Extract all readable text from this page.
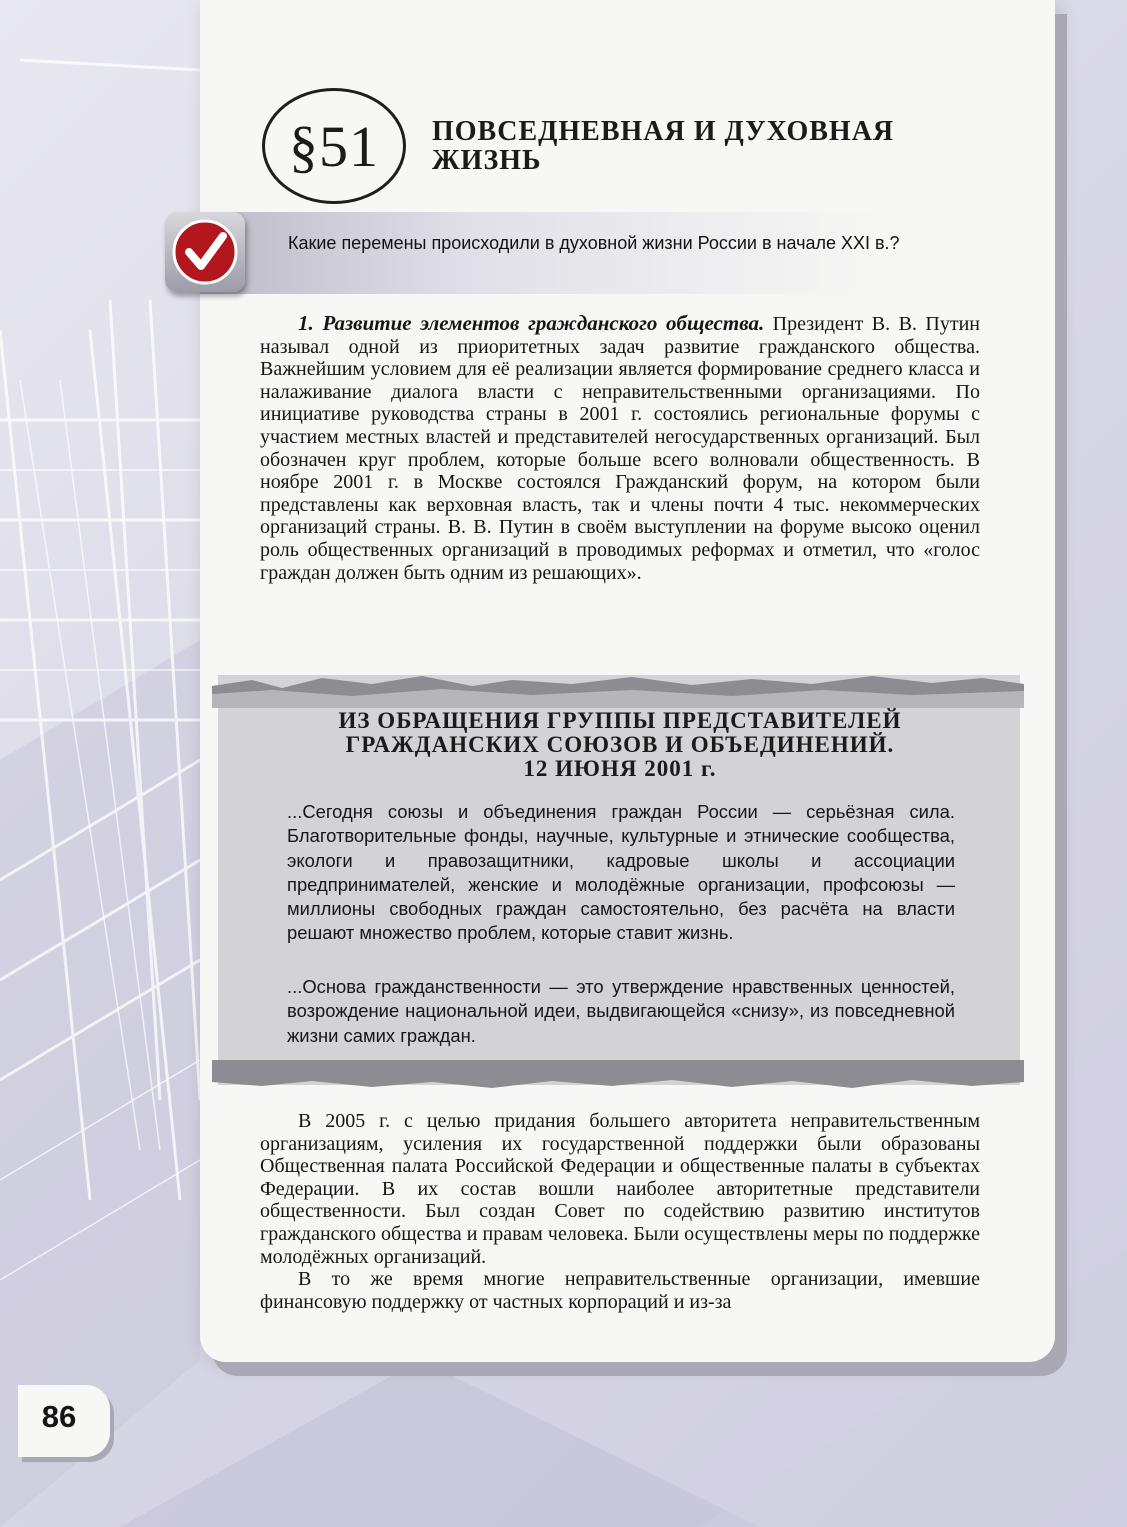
§51 ПОВСЕДНЕВНАЯ И ДУХОВНАЯ ЖИЗНЬ

Какие перемены происходили в духовной жизни России в начале XXI в.?

1. Развитие элементов гражданского общества. Президент В. В. Путин называл одной из приоритетных задач развитие гражданского общества. Важнейшим условием для её реализации является формирование среднего класса и налаживание диалога власти с неправительственными организациями. По инициативе руководства страны в 2001 г. состоялись региональные форумы с участием местных властей и представителей негосударственных организаций. Был обозначен круг проблем, которые больше всего волновали общественность. В ноябре 2001 г. в Москве состоялся Гражданский форум, на котором были представлены как верховная власть, так и члены почти 4 тыс. некоммерческих организаций страны. В. В. Путин в своём выступлении на форуме высоко оценил роль общественных организаций в проводимых реформах и отметил, что «голос граждан должен быть одним из решающих».

ИЗ ОБРАЩЕНИЯ ГРУППЫ ПРЕДСТАВИТЕЛЕЙ
ГРАЖДАНСКИХ СОЮЗОВ И ОБЪЕДИНЕНИЙ.
12 ИЮНЯ 2001 г.

...Сегодня союзы и объединения граждан России — серьёзная сила. Благотворительные фонды, научные, культурные и этнические сообщества, экологи и правозащитники, кадровые школы и ассоциации предпринимателей, женские и молодёжные организации, профсоюзы — миллионы свободных граждан самостоятельно, без расчёта на власти решают множество проблем, которые ставит жизнь.

...Основа гражданственности — это утверждение нравственных ценностей, возрождение национальной идеи, выдвигающейся «снизу», из повседневной жизни самих граждан.

В 2005 г. с целью придания большего авторитета неправительственным организациям, усиления их государственной поддержки были образованы Общественная палата Российской Федерации и общественные палаты в субъектах Федерации. В их состав вошли наиболее авторитетные представители общественности. Был создан Совет по содействию развитию институтов гражданского общества и правам человека. Были осуществлены меры по поддержке молодёжных организаций.

В то же время многие неправительственные организации, имевшие финансовую поддержку от частных корпораций и из-за

86
